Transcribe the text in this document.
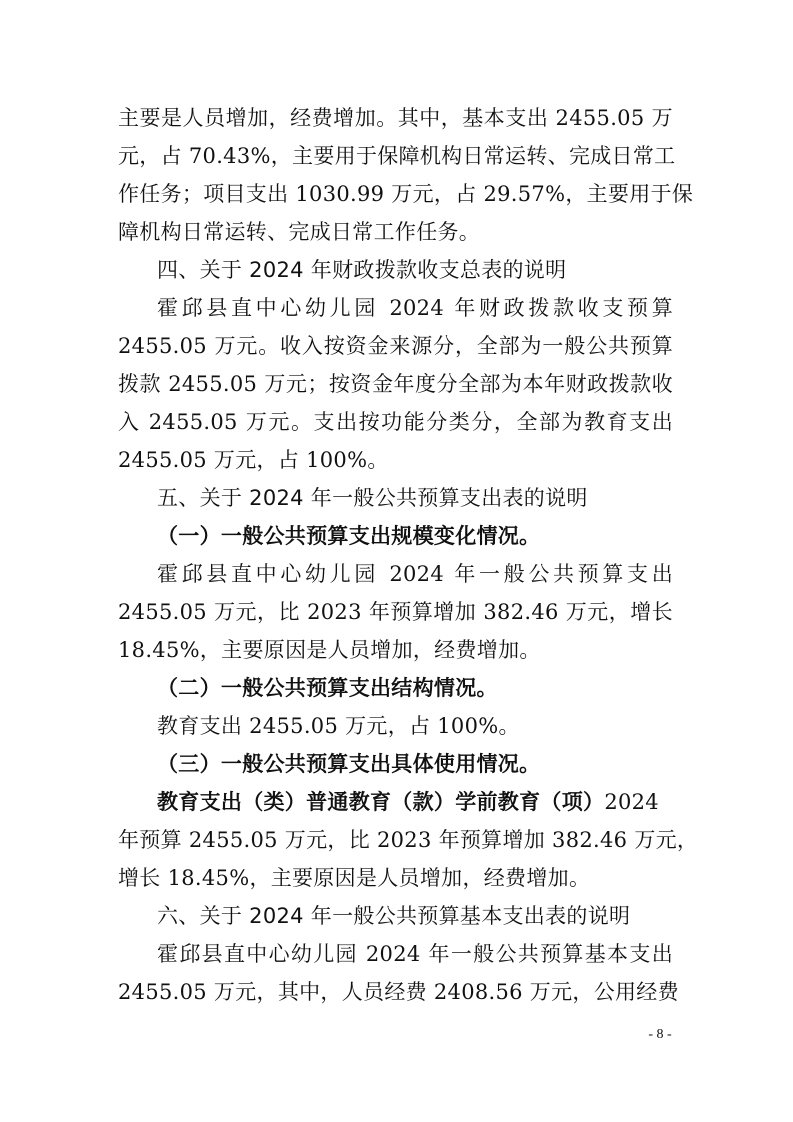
主要是人员增加，经费增加。其中，基本支出 2455.05 万
元，占 70.43%，主要用于保障机构日常运转、完成日常工
作任务；项目支出 1030.99 万元，占 29.57%，主要用于保
障机构日常运转、完成日常工作任务。
四、关于 2024 年财政拨款收支总表的说明
霍邱县直中心幼儿园 2024 年财政拨款收支预算
2455.05 万元。收入按资金来源分，全部为一般公共预算
拨款 2455.05 万元；按资金年度分全部为本年财政拨款收
入 2455.05 万元。支出按功能分类分，全部为教育支出
2455.05 万元，占 100%。
五、关于 2024 年一般公共预算支出表的说明
（一）一般公共预算支出规模变化情况。
霍邱县直中心幼儿园 2024 年一般公共预算支出
2455.05 万元，比 2023 年预算增加 382.46 万元，增长
18.45%，主要原因是人员增加，经费增加。
（二）一般公共预算支出结构情况。
教育支出 2455.05 万元，占 100%。
（三）一般公共预算支出具体使用情况。
教育支出（类）普通教育（款）学前教育（项）2024
年预算 2455.05 万元，比 2023 年预算增加 382.46 万元，
增长 18.45%，主要原因是人员增加，经费增加。
六、关于 2024 年一般公共预算基本支出表的说明
霍邱县直中心幼儿园 2024 年一般公共预算基本支出
2455.05 万元，其中，人员经费 2408.56 万元，公用经费
- 8 -
